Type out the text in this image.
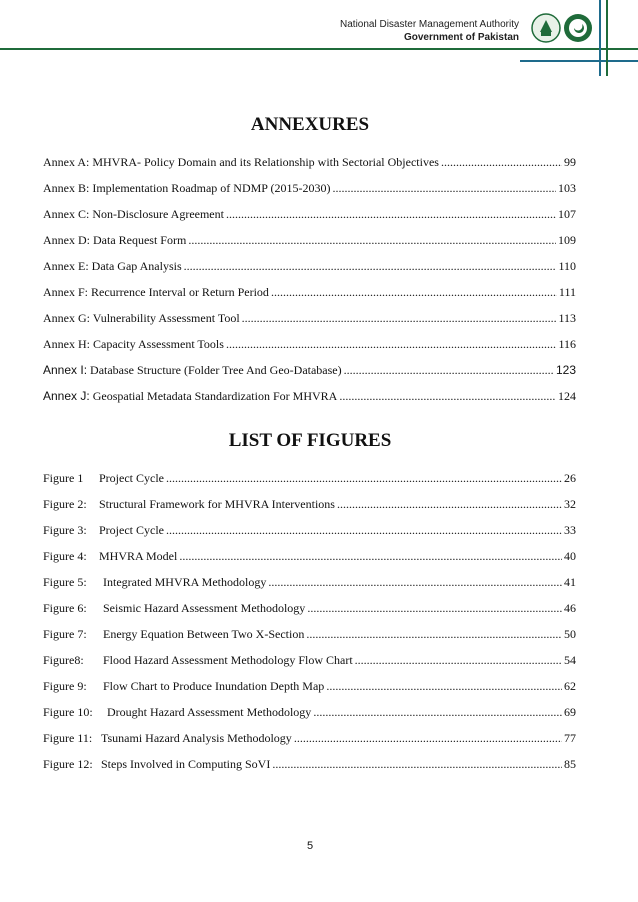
National Disaster Management Authority
Government of Pakistan
ANNEXURES
Annex A: MHVRA- Policy Domain and its Relationship with Sectorial Objectives .....	99
Annex B: Implementation Roadmap of NDMP (2015-2030) .....	103
Annex C: Non-Disclosure Agreement .....	107
Annex D: Data Request Form .....	109
Annex E: Data Gap Analysis .....	110
Annex F: Recurrence Interval or Return Period .....	111
Annex G: Vulnerability Assessment Tool .....	113
Annex H: Capacity Assessment Tools .....	116
Annex I: Database Structure (Folder Tree And Geo-Database) .....	123
Annex J: Geospatial Metadata Standardization For MHVRA .....	124
LIST OF FIGURES
Figure 1 Project Cycle .....	26
Figure 2: Structural Framework for MHVRA Interventions .....	32
Figure 3: Project Cycle .....	33
Figure 4: MHVRA Model .....	40
Figure 5: Integrated MHVRA Methodology .....	41
Figure 6: Seismic Hazard Assessment Methodology .....	46
Figure 7: Energy Equation Between Two X-Section .....	50
Figure8: Flood Hazard Assessment Methodology Flow Chart .....	54
Figure 9: Flow Chart to Produce Inundation Depth Map .....	62
Figure 10: Drought Hazard Assessment Methodology .....	69
Figure 11: Tsunami Hazard Analysis Methodology .....	77
Figure 12: Steps Involved in Computing SoVI .....	85
5
